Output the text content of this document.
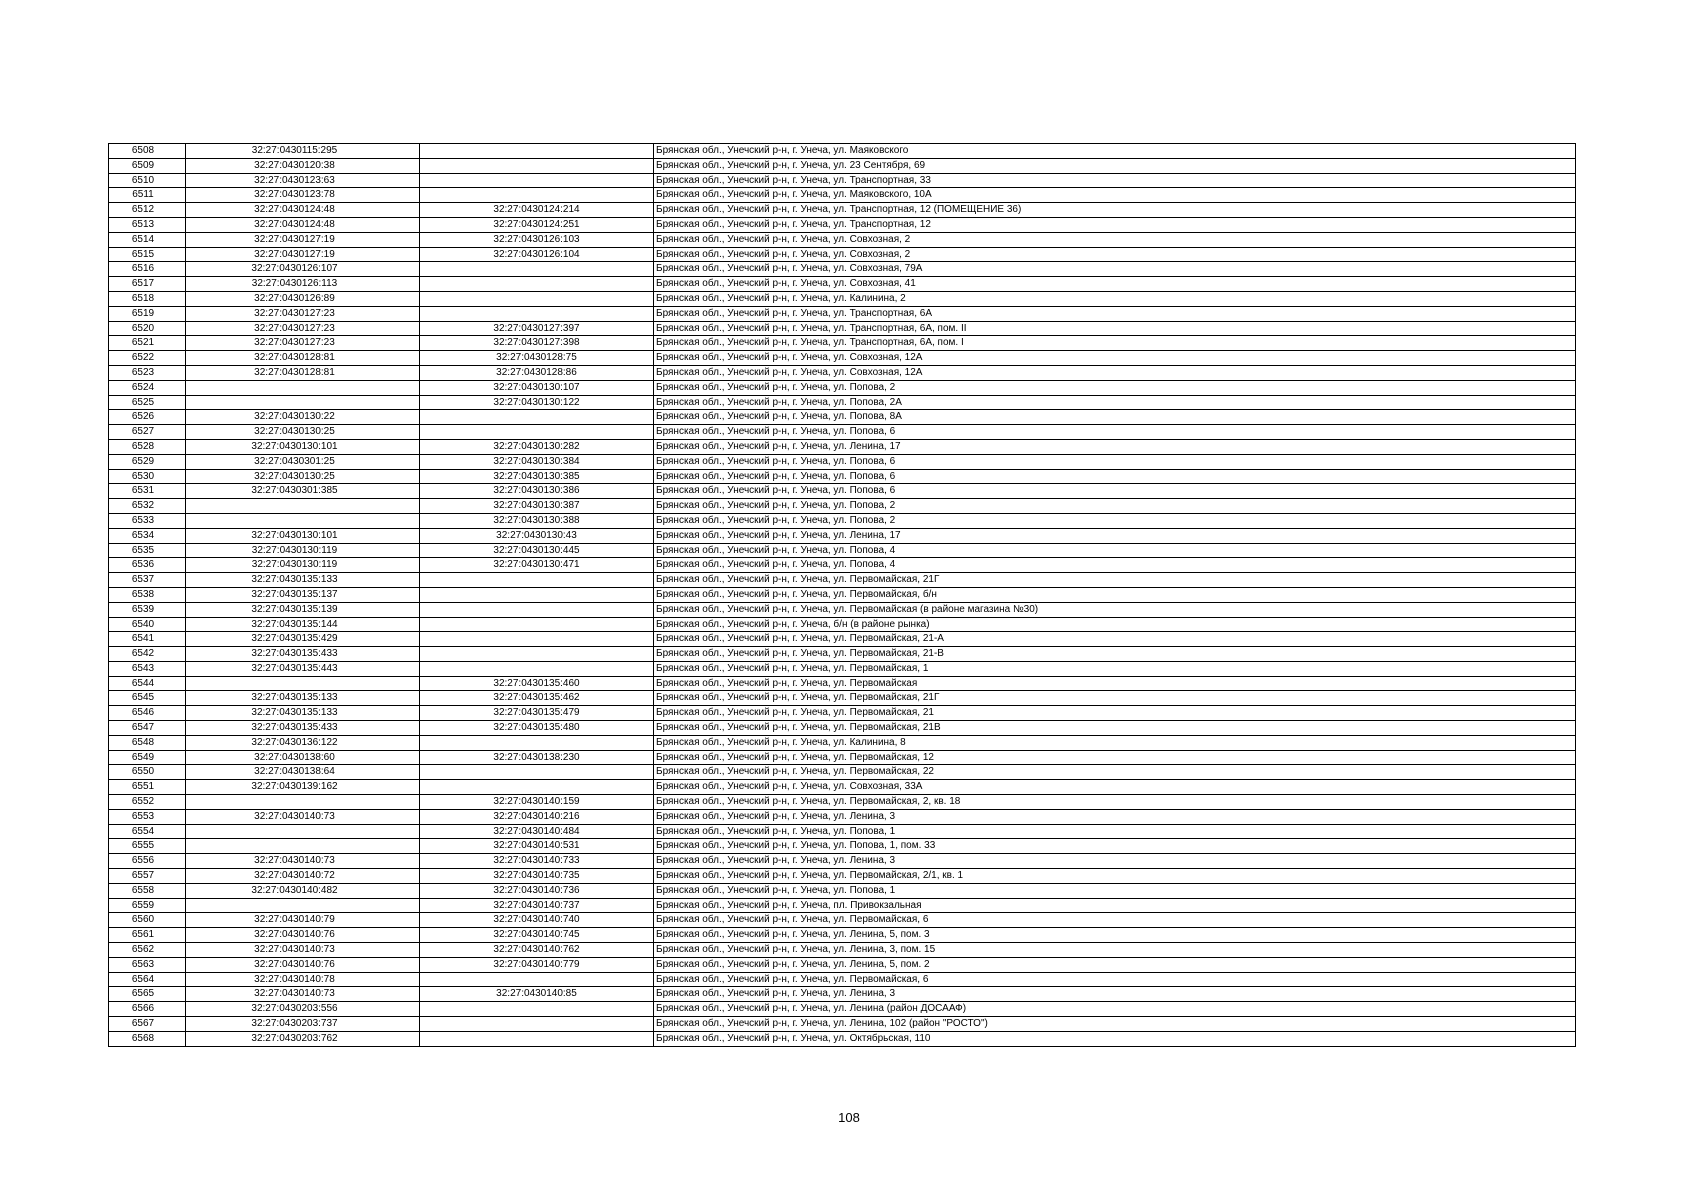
6508	32:27:0430115:295		Брянская обл., Унечский р-н, г. Унеча, ул. Маяковского
6509	32:27:0430120:38		Брянская обл., Унечский р-н, г. Унеча, ул. 23 Сентября, 69
6510	32:27:0430123:63		Брянская обл., Унечский р-н, г. Унеча, ул. Транспортная, 33
6511	32:27:0430123:78		Брянская обл., Унечский р-н, г. Унеча, ул. Маяковского, 10А
6512	32:27:0430124:48	32:27:0430124:214	Брянская обл., Унечский р-н, г. Унеча, ул. Транспортная, 12 (ПОМЕЩЕНИЕ 36)
6513	32:27:0430124:48	32:27:0430124:251	Брянская обл., Унечский р-н, г. Унеча, ул. Транспортная, 12
6514	32:27:0430127:19	32:27:0430126:103	Брянская обл., Унечский р-н, г. Унеча, ул. Совхозная, 2
6515	32:27:0430127:19	32:27:0430126:104	Брянская обл., Унечский р-н, г. Унеча, ул. Совхозная, 2
6516	32:27:0430126:107		Брянская обл., Унечский р-н, г. Унеча, ул. Совхозная, 79А
6517	32:27:0430126:113		Брянская обл., Унечский р-н, г. Унеча, ул. Совхозная, 41
6518	32:27:0430126:89		Брянская обл., Унечский р-н, г. Унеча, ул. Калинина, 2
6519	32:27:0430127:23		Брянская обл., Унечский р-н, г. Унеча, ул. Транспортная, 6А
6520	32:27:0430127:23	32:27:0430127:397	Брянская обл., Унечский р-н, г. Унеча, ул. Транспортная, 6А, пом. II
6521	32:27:0430127:23	32:27:0430127:398	Брянская обл., Унечский р-н, г. Унеча, ул. Транспортная, 6А, пом. I
6522	32:27:0430128:81	32:27:0430128:75	Брянская обл., Унечский р-н, г. Унеча, ул. Совхозная, 12А
6523	32:27:0430128:81	32:27:0430128:86	Брянская обл., Унечский р-н, г. Унеча, ул. Совхозная, 12А
6524		32:27:0430130:107	Брянская обл., Унечский р-н, г. Унеча, ул. Попова, 2
6525		32:27:0430130:122	Брянская обл., Унечский р-н, г. Унеча, ул. Попова, 2А
6526	32:27:0430130:22		Брянская обл., Унечский р-н, г. Унеча, ул. Попова, 8А
6527	32:27:0430130:25		Брянская обл., Унечский р-н, г. Унеча, ул. Попова, 6
6528	32:27:0430130:101	32:27:0430130:282	Брянская обл., Унечский р-н, г. Унеча, ул. Ленина, 17
6529	32:27:0430301:25	32:27:0430130:384	Брянская обл., Унечский р-н, г. Унеча, ул. Попова, 6
6530	32:27:0430130:25	32:27:0430130:385	Брянская обл., Унечский р-н, г. Унеча, ул. Попова, 6
6531	32:27:0430301:385	32:27:0430130:386	Брянская обл., Унечский р-н, г. Унеча, ул. Попова, 6
6532		32:27:0430130:387	Брянская обл., Унечский р-н, г. Унеча, ул. Попова, 2
6533		32:27:0430130:388	Брянская обл., Унечский р-н, г. Унеча, ул. Попова, 2
6534	32:27:0430130:101	32:27:0430130:43	Брянская обл., Унечский р-н, г. Унеча, ул. Ленина, 17
6535	32:27:0430130:119	32:27:0430130:445	Брянская обл., Унечский р-н, г. Унеча, ул. Попова, 4
6536	32:27:0430130:119	32:27:0430130:471	Брянская обл., Унечский р-н, г. Унеча, ул. Попова, 4
6537	32:27:0430135:133		Брянская обл., Унечский р-н, г. Унеча, ул. Первомайская, 21Г
6538	32:27:0430135:137		Брянская обл., Унечский р-н, г. Унеча, ул. Первомайская, б/н
6539	32:27:0430135:139		Брянская обл., Унечский р-н, г. Унеча, ул. Первомайская (в районе магазина №30)
6540	32:27:0430135:144		Брянская обл., Унечский р-н, г. Унеча, б/н (в районе рынка)
6541	32:27:0430135:429		Брянская обл., Унечский р-н, г. Унеча, ул. Первомайская, 21-А
6542	32:27:0430135:433		Брянская обл., Унечский р-н, г. Унеча, ул. Первомайская, 21-В
6543	32:27:0430135:443		Брянская обл., Унечский р-н, г. Унеча, ул. Первомайская, 1
6544		32:27:0430135:460	Брянская обл., Унечский р-н, г. Унеча, ул. Первомайская
6545	32:27:0430135:133	32:27:0430135:462	Брянская обл., Унечский р-н, г. Унеча, ул. Первомайская, 21Г
6546	32:27:0430135:133	32:27:0430135:479	Брянская обл., Унечский р-н, г. Унеча, ул. Первомайская, 21
6547	32:27:0430135:433	32:27:0430135:480	Брянская обл., Унечский р-н, г. Унеча, ул. Первомайская, 21В
6548	32:27:0430136:122		Брянская обл., Унечский р-н, г. Унеча, ул. Калинина, 8
6549	32:27:0430138:60	32:27:0430138:230	Брянская обл., Унечский р-н, г. Унеча, ул. Первомайская, 12
6550	32:27:0430138:64		Брянская обл., Унечский р-н, г. Унеча, ул. Первомайская, 22
6551	32:27:0430139:162		Брянская обл., Унечский р-н, г. Унеча, ул. Совхозная, 33А
6552		32:27:0430140:159	Брянская обл., Унечский р-н, г. Унеча, ул. Первомайская, 2, кв. 18
6553	32:27:0430140:73	32:27:0430140:216	Брянская обл., Унечский р-н, г. Унеча, ул. Ленина, 3
6554		32:27:0430140:484	Брянская обл., Унечский р-н, г. Унеча, ул. Попова, 1
6555		32:27:0430140:531	Брянская обл., Унечский р-н, г. Унеча, ул. Попова, 1, пом. 33
6556	32:27:0430140:73	32:27:0430140:733	Брянская обл., Унечский р-н, г. Унеча, ул. Ленина, 3
6557	32:27:0430140:72	32:27:0430140:735	Брянская обл., Унечский р-н, г. Унеча, ул. Первомайская, 2/1, кв. 1
6558	32:27:0430140:482	32:27:0430140:736	Брянская обл., Унечский р-н, г. Унеча, ул. Попова, 1
6559		32:27:0430140:737	Брянская обл., Унечский р-н, г. Унеча, пл. Привокзальная
6560	32:27:0430140:79	32:27:0430140:740	Брянская обл., Унечский р-н, г. Унеча, ул. Первомайская, 6
6561	32:27:0430140:76	32:27:0430140:745	Брянская обл., Унечский р-н, г. Унеча, ул. Ленина, 5, пом. 3
6562	32:27:0430140:73	32:27:0430140:762	Брянская обл., Унечский р-н, г. Унеча, ул. Ленина, 3, пом. 15
6563	32:27:0430140:76	32:27:0430140:779	Брянская обл., Унечский р-н, г. Унеча, ул. Ленина, 5, пом. 2
6564	32:27:0430140:78		Брянская обл., Унечский р-н, г. Унеча, ул. Первомайская, 6
6565	32:27:0430140:73	32:27:0430140:85	Брянская обл., Унечский р-н, г. Унеча, ул. Ленина, 3
6566	32:27:0430203:556		Брянская обл., Унечский р-н, г. Унеча, ул. Ленина (район ДОСААФ)
6567	32:27:0430203:737		Брянская обл., Унечский р-н, г. Унеча, ул. Ленина, 102 (район "РОСТО")
6568	32:27:0430203:762		Брянская обл., Унечский р-н, г. Унеча, ул. Октябрьская, 110
108
